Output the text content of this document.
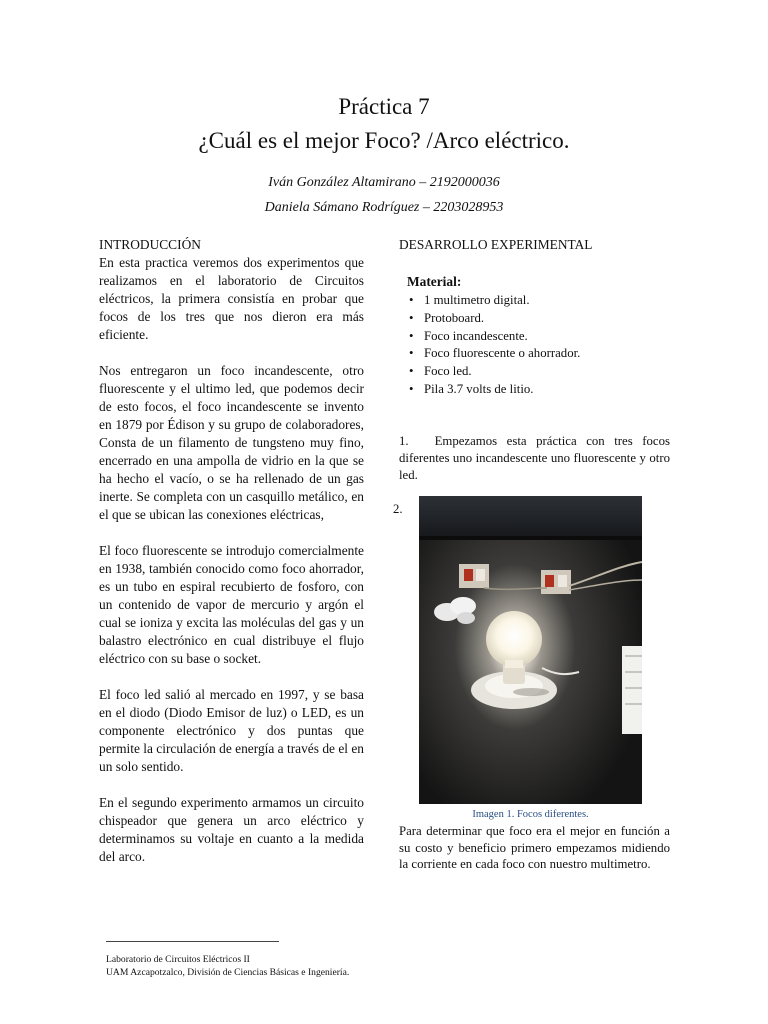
Práctica 7
¿Cuál es el mejor Foco? /Arco eléctrico.
Iván González Altamirano – 2192000036
Daniela Sámano Rodríguez – 2203028953
INTRODUCCIÓN

En esta practica veremos dos experimentos que realizamos en el laboratorio de Circuitos eléctricos, la primera consistía en probar que focos de los tres que nos dieron era más eficiente.

Nos entregaron un foco incandescente, otro fluorescente y el ultimo led, que podemos decir de esto focos, el foco incandescente se invento en 1879 por Édison y su grupo de colaboradores, Consta de un filamento de tungsteno muy fino, encerrado en una ampolla de vidrio en la que se ha hecho el vacío, o se ha rellenado de un gas inerte. Se completa con un casquillo metálico, en el que se ubican las conexiones eléctricas,

El foco fluorescente se introdujo comercialmente en 1938, también conocido como foco ahorrador, es un tubo en espiral recubierto de fosforo, con un contenido de vapor de mercurio y argón el cual se ioniza y excita las moléculas del gas y un balastro electrónico en cual distribuye el flujo eléctrico con su base o socket.

El foco led salió al mercado en 1997, y se basa en el diodo (Diodo Emisor de luz) o LED, es un componente electrónico y dos puntas que permite la circulación de energía a través de el en un solo sentido.

En el segundo experimento armamos un circuito chispeador que genera un arco eléctrico y determinamos su voltaje en cuanto a la medida del arco.

DESARROLLO EXPERIMENTAL
Material:
• 1 multimetro digital.
• Protoboard.
• Foco incandescente.
• Foco fluorescente o ahorrador.
• Foco led.
• Pila 3.7 volts de litio.
1. Empezamos esta práctica con tres focos diferentes uno incandescente uno fluorescente y otro led.
2.
Imagen 1. Focos diferentes.
Para determinar que foco era el mejor en función a su costo y beneficio primero empezamos midiendo la corriente en cada foco con nuestro multimetro.
Laboratorio de Circuitos Eléctricos II
UAM Azcapotzalco, División de Ciencias Básicas e Ingeniería.
